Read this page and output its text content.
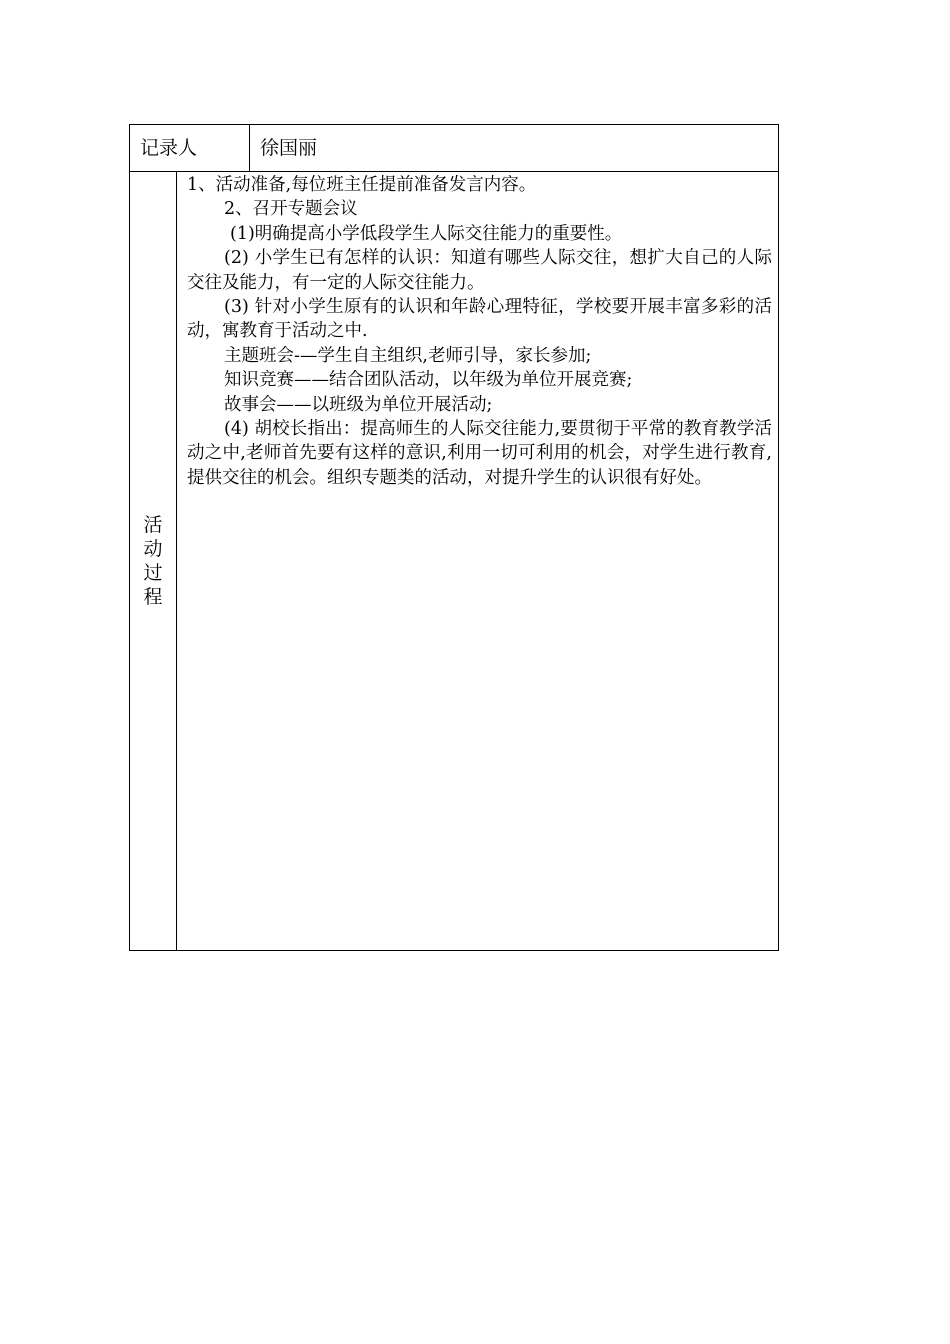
记录人	徐国丽
活动过程

1、活动准备,每位班主任提前准备发言内容。

2、召开专题会议

(1)明确提高小学低段学生人际交往能力的重要性。

(2) 小学生已有怎样的认识：知道有哪些人际交往，想扩大自己的人际交往及能力，有一定的人际交往能力。

(3) 针对小学生原有的认识和年龄心理特征，学校要开展丰富多彩的活动，寓教育于活动之中.

主题班会-—学生自主组织,老师引导，家长参加;

知识竞赛——结合团队活动，以年级为单位开展竞赛;

故事会——以班级为单位开展活动;

(4) 胡校长指出：提高师生的人际交往能力,要贯彻于平常的教育教学活动之中,老师首先要有这样的意识,利用一切可利用的机会，对学生进行教育,提供交往的机会。组织专题类的活动，对提升学生的认识很有好处。
